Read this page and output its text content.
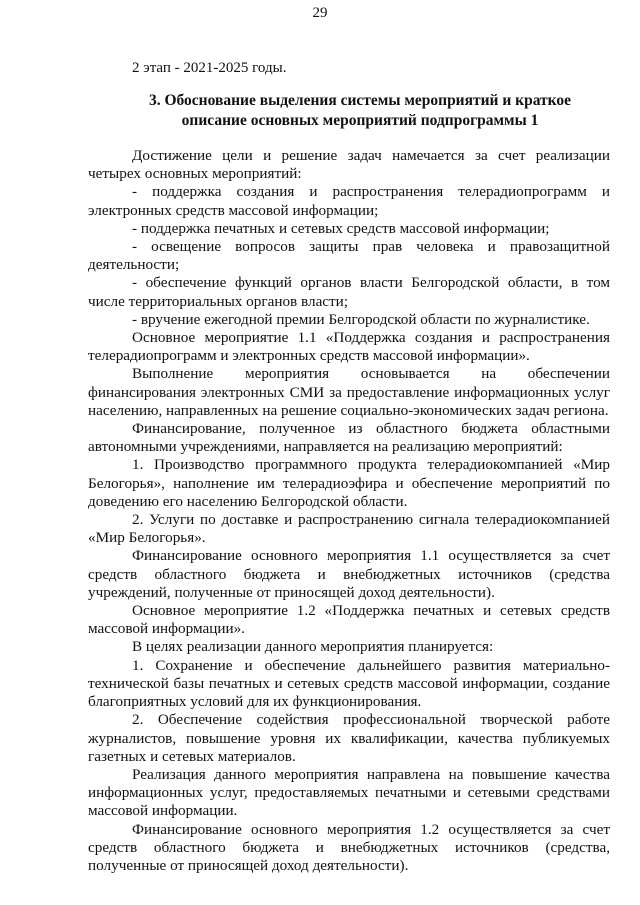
29
2 этап - 2021-2025 годы.
3. Обоснование выделения системы мероприятий и краткое
описание основных мероприятий подпрограммы 1

Достижение цели и решение задач намечается за счет реализации четырех основных мероприятий:

- поддержка создания и распространения телерадиопрограмм и электронных средств массовой информации;

- поддержка печатных и сетевых средств массовой информации;

- освещение вопросов защиты прав человека и правозащитной деятельности;

- обеспечение функций органов власти Белгородской области, в том числе территориальных органов власти;

- вручение ежегодной премии Белгородской области по журналистике.

Основное мероприятие 1.1 «Поддержка создания и распространения телерадиопрограмм и электронных средств массовой информации».

Выполнение мероприятия основывается на обеспечении финансирования электронных СМИ за предоставление информационных услуг населению, направленных на решение социально-экономических задач региона.

Финансирование, полученное из областного бюджета областными автономными учреждениями, направляется на реализацию мероприятий:

1. Производство программного продукта телерадиокомпанией «Мир Белогорья», наполнение им телерадиоэфира и обеспечение мероприятий по доведению его населению Белгородской области.

2. Услуги по доставке и распространению сигнала телерадиокомпанией «Мир Белогорья».

Финансирование основного мероприятия 1.1 осуществляется за счет средств областного бюджета и внебюджетных источников (средства учреждений, полученные от приносящей доход деятельности).

Основное мероприятие 1.2 «Поддержка печатных и сетевых средств массовой информации».

В целях реализации данного мероприятия планируется:

1. Сохранение и обеспечение дальнейшего развития материально-технической базы печатных и сетевых средств массовой информации, создание благоприятных условий для их функционирования.

2. Обеспечение содействия профессиональной творческой работе журналистов, повышение уровня их квалификации, качества публикуемых газетных и сетевых материалов.

Реализация данного мероприятия направлена на повышение качества информационных услуг, предоставляемых печатными и сетевыми средствами массовой информации.

Финансирование основного мероприятия 1.2 осуществляется за счет средств областного бюджета и внебюджетных источников (средства, полученные от приносящей доход деятельности).
